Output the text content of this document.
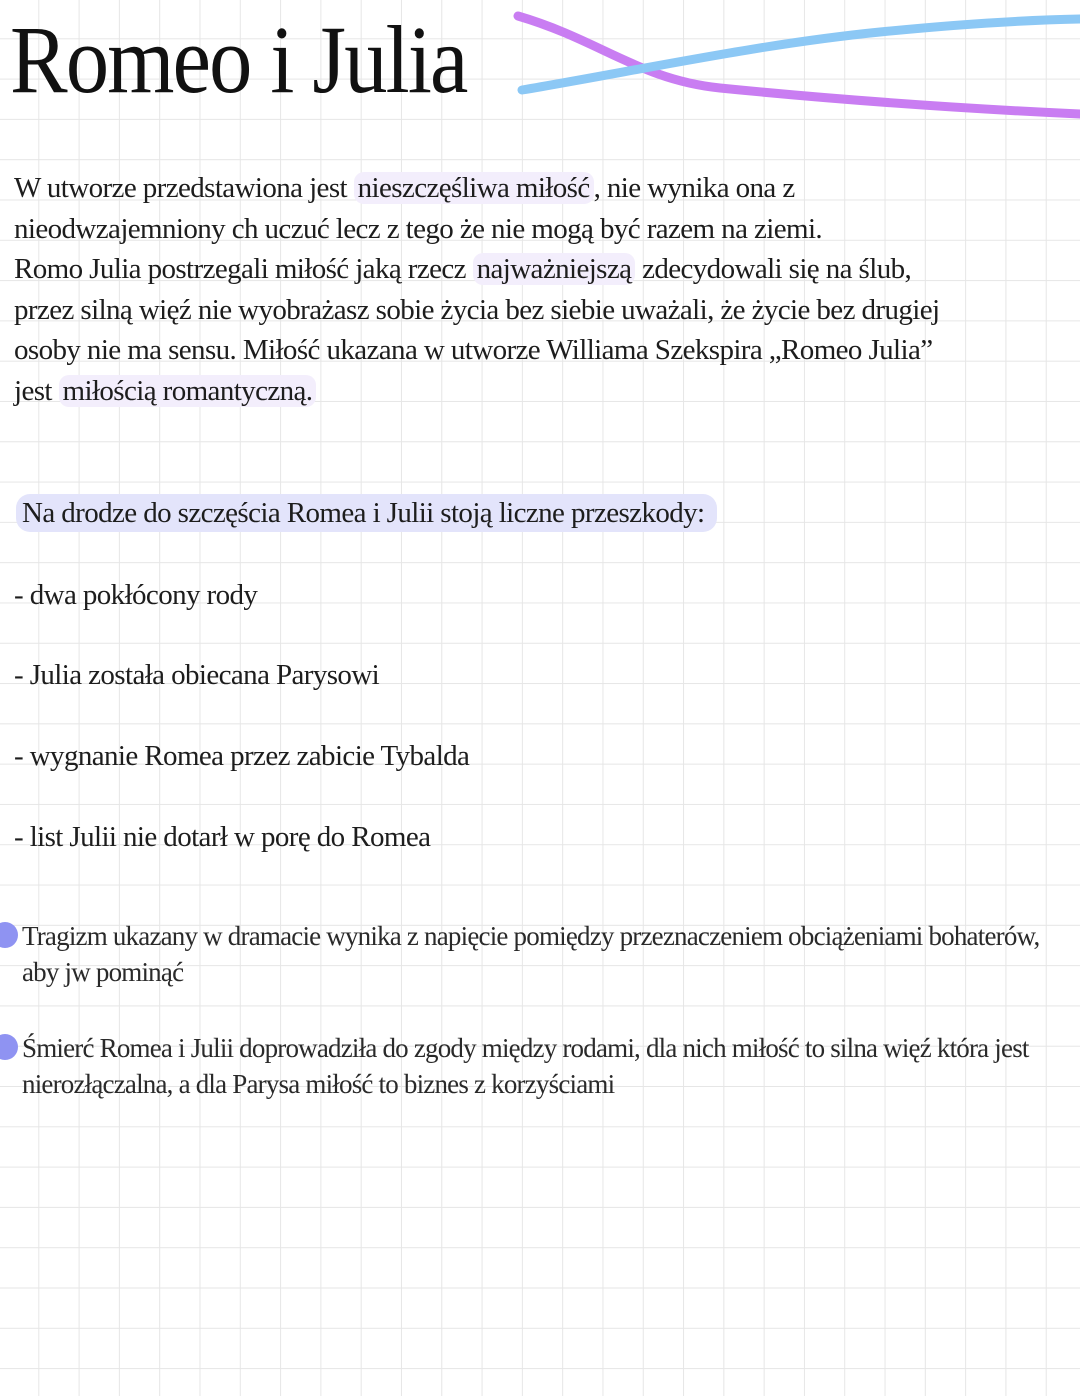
Romeo i Julia

W utworze przedstawiona jest nieszczęśliwa miłość , nie wynika ona z

nieodwzajemniony ch uczuć lecz z tego że nie mogą być razem na ziemi.

Romo Julia postrzegali miłość jaką rzecz najważniejszą zdecydowali się na ślub,

przez silną więź nie wyobrażasz sobie życia bez siebie uważali, że życie bez drugiej

osoby nie ma sensu. Miłość ukazana w utworze Williama Szekspira „Romeo Julia”

jest miłością romantyczną.

Na drodze do szczęścia Romea i Julii stoją liczne przeszkody:

- dwa pokłócony rody

- Julia została obiecana Parysowi

- wygnanie Romea przez zabicie Tybalda

- list Julii nie dotarł w porę do Romea

Tragizm ukazany w dramacie wynika z napięcie pomiędzy przeznaczeniem obciążeniami bohaterów, aby jw pominąć

Śmierć Romea i Julii doprowadziła do zgody między rodami, dla nich miłość to silna więź która jest nierozłączalna, a dla Parysa miłość to biznes z korzyściami
